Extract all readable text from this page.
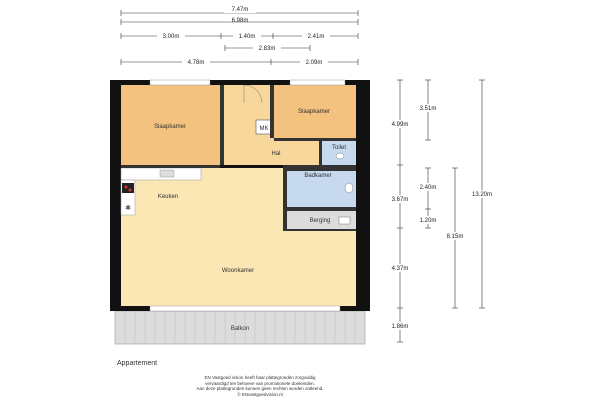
7.47m
6.98m
3.00m	1.40m	2.41m
2.83m
4.78m	2.09m
3.51m
4.99m
2.40m
13.20m
3.67m
1.20m
8.15m
4.37m
1.86m
Balkon
✱
MK
Slaapkamer
Slaapkamer
Hal
Toilet
Badkamer
Berging
Keuken
Woonkamer
Appartement
EN Vastgoed vision heeft haar plattegronden zorgvuldig
vervaardigd ten behoeve van promotionele doeleinden.
Aan deze plattegronden kunnen geen rechten worden ontleend.
© ENvastgoedvision.nl
